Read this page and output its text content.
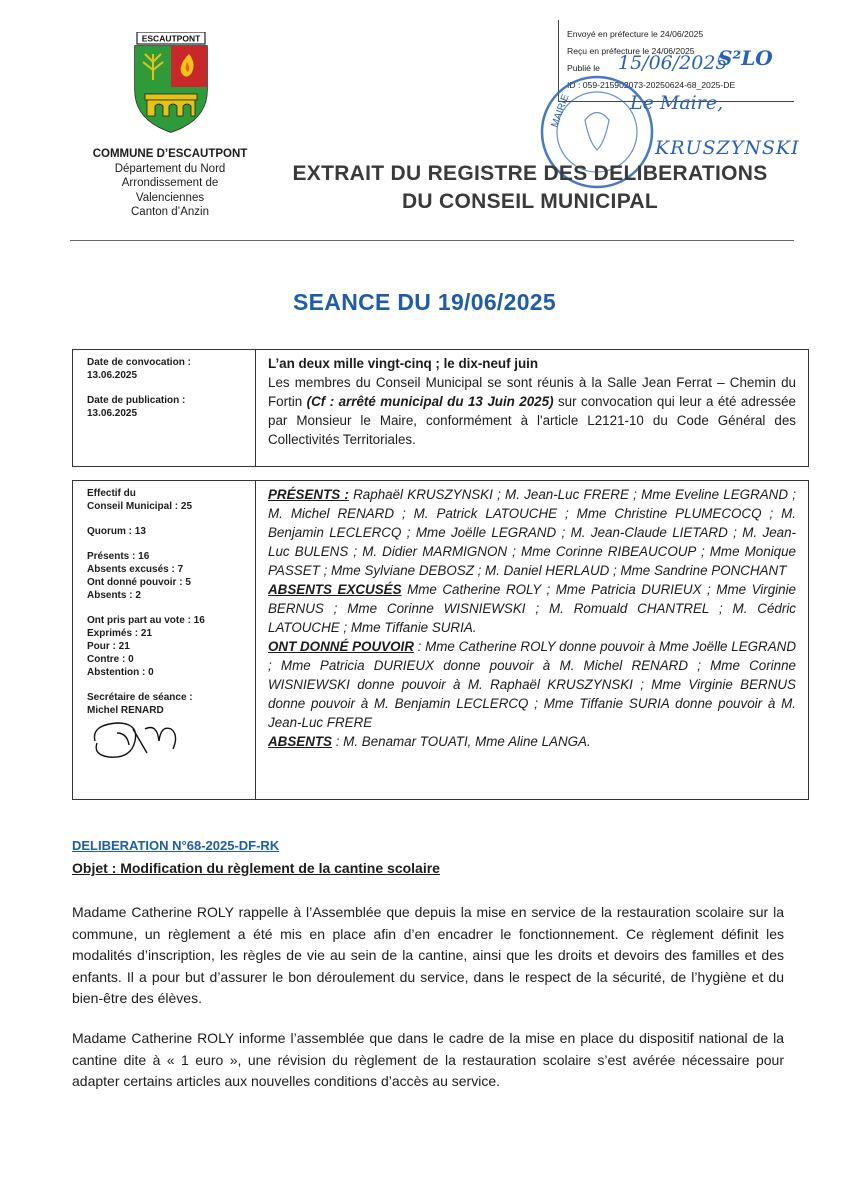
ESCAUTPONT
COMMUNE D’ESCAUTPONT
Département du Nord
Arrondissement de
Valenciennes
Canton d’Anzin
Envoyé en préfecture le 24/06/2025
Reçu en préfecture le 24/06/2025
Publié le
ID : 059-215902073-20250624-68_2025-DE
MAIRIE
15/06/2025
S²LO
Le Maire,
KRUSZYNSKI
EXTRAIT DU REGISTRE DES DELIBERATIONS
DU CONSEIL MUNICIPAL
SEANCE DU 19/06/2025
Date de convocation :
13.06.2025
Date de publication :
13.06.2025
L’an deux mille vingt-cinq ; le dix-neuf juin
Les membres du Conseil Municipal se sont réunis à la Salle Jean Ferrat – Chemin du Fortin (Cf : arrêté municipal du 13 Juin 2025) sur convocation qui leur a été adressée par Monsieur le Maire, conformément à l'article L2121-10 du Code Général des Collectivités Territoriales.
Effectif du
Conseil Municipal : 25
Quorum : 13
Présents : 16
Absents excusés : 7
Ont donné pouvoir : 5
Absents : 2
Ont pris part au vote : 16
Exprimés : 21
Pour : 21
Contre : 0
Abstention : 0
Secrétaire de séance :
Michel RENARD
PRÉSENTS : Raphaël KRUSZYNSKI ; M. Jean-Luc FRERE ; Mme Eveline LEGRAND ; M. Michel RENARD ; M. Patrick LATOUCHE ; Mme Christine PLUMECOCQ ; M. Benjamin LECLERCQ ; Mme Joëlle LEGRAND ; M. Jean-Claude LIETARD ; M. Jean-Luc BULENS ; M. Didier MARMIGNON ; Mme Corinne RIBEAUCOUP ; Mme Monique PASSET ; Mme Sylviane DEBOSZ ; M. Daniel HERLAUD ; Mme Sandrine PONCHANT
ABSENTS EXCUSÉS Mme Catherine ROLY ; Mme Patricia DURIEUX ; Mme Virginie BERNUS ; Mme Corinne WISNIEWSKI ; M. Romuald CHANTREL ; M. Cédric LATOUCHE ; Mme Tiffanie SURIA.
ONT DONNÉ POUVOIR : Mme Catherine ROLY donne pouvoir à Mme Joëlle LEGRAND ; Mme Patricia DURIEUX donne pouvoir à M. Michel RENARD ; Mme Corinne WISNIEWSKI donne pouvoir à M. Raphaël KRUSZYNSKI ; Mme Virginie BERNUS donne pouvoir à M. Benjamin LECLERCQ ; Mme Tiffanie SURIA donne pouvoir à M. Jean-Luc FRERE
ABSENTS : M. Benamar TOUATI, Mme Aline LANGA.
DELIBERATION N°68-2025-DF-RK
Objet : Modification du règlement de la cantine scolaire
Madame Catherine ROLY rappelle à l’Assemblée que depuis la mise en service de la restauration scolaire sur la commune, un règlement a été mis en place afin d’en encadrer le fonctionnement. Ce règlement définit les modalités d’inscription, les règles de vie au sein de la cantine, ainsi que les droits et devoirs des familles et des enfants. Il a pour but d’assurer le bon déroulement du service, dans le respect de la sécurité, de l’hygiène et du bien-être des élèves.
Madame Catherine ROLY informe l’assemblée que dans le cadre de la mise en place du dispositif national de la cantine dite à « 1 euro », une révision du règlement de la restauration scolaire s’est avérée nécessaire pour adapter certains articles aux nouvelles conditions d’accès au service.
